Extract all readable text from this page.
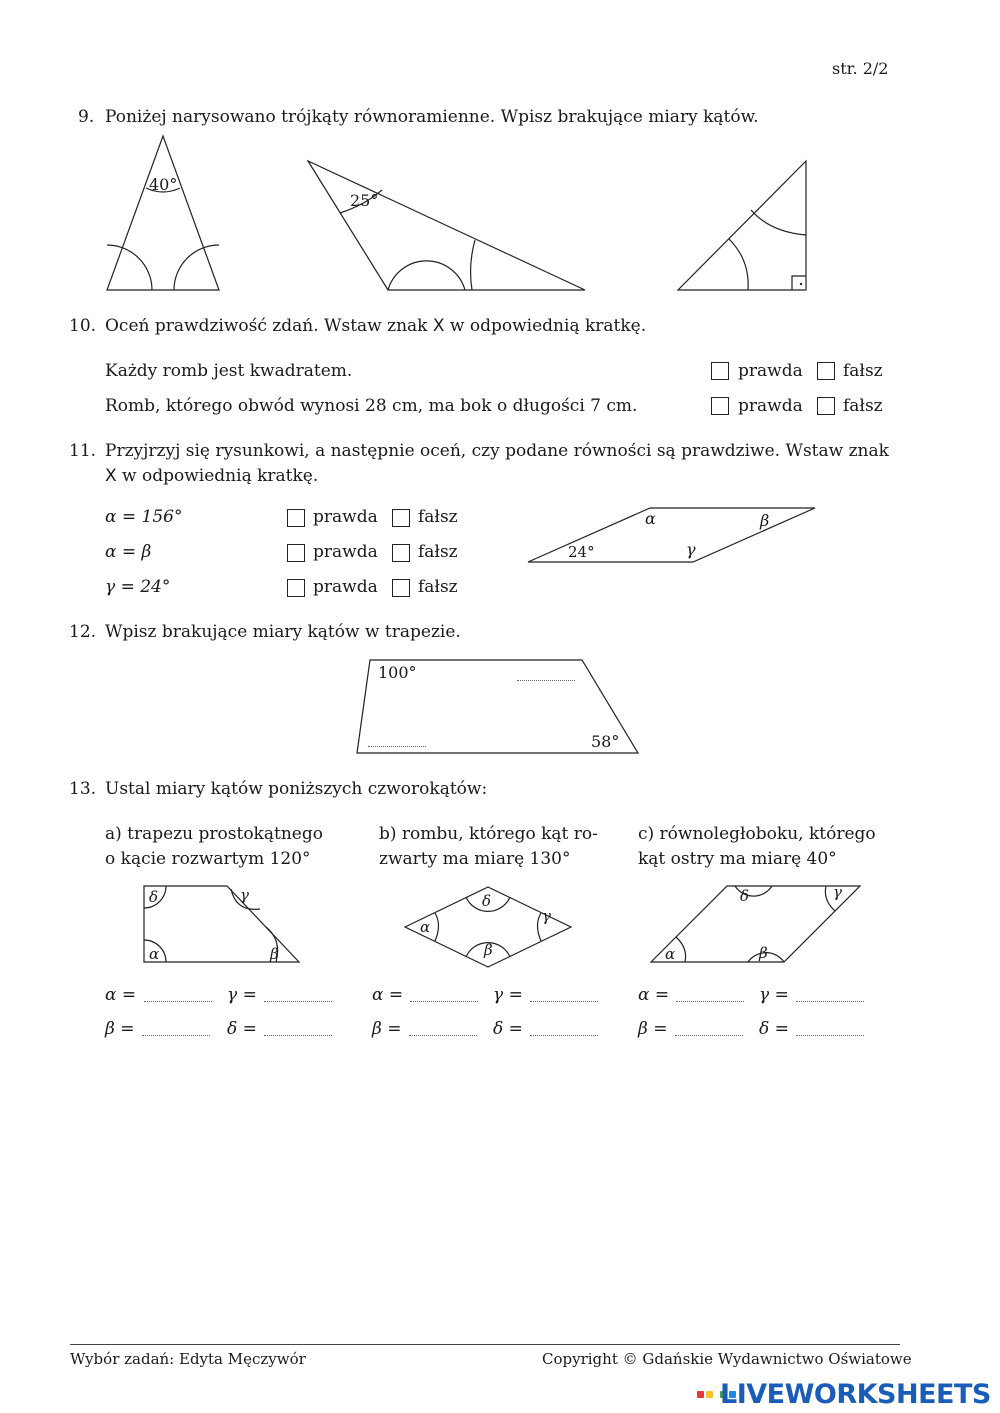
str. 2/2
9. Poniżej narysowano trójkąty równoramienne. Wpisz brakujące miary kątów.
40°
25°
10. Oceń prawdziwość zdań. Wstaw znak X w odpowiednią kratkę.
Każdy romb jest kwadratem.	prawda fałsz
Romb, którego obwód wynosi 28 cm, ma bok o długości 7 cm.	prawda fałsz
11. Przyjrzyj się rysunkowi, a następnie oceń, czy podane równości są prawdziwe. Wstaw znak
X w odpowiednią kratkę.
α = 156°	prawda fałsz
α = β	prawda fałsz
γ = 24°	prawda fałsz
α	β
γ
24°
12. Wpisz brakujące miary kątów w trapezie.
100°
58°
13. Ustal miary kątów poniższych czworokątów:
a) trapezu prostokątnego
o kącie rozwartym 120°
b) rombu, którego kąt ro-
zwarty ma miarę 130°
c) równoległoboku, którego
kąt ostry ma miarę 40°
δ	γ
α	β
α
δ
γ
β	α
δ	γ
β
α =	γ =
β =	δ =
α =	γ =
β =	δ =
α =	γ =
β =	δ =
Wybór zadań: Edyta Męczywór	Copyright © Gdańskie Wydawnictwo Oświatowe

LIVEWORKSHEETS
